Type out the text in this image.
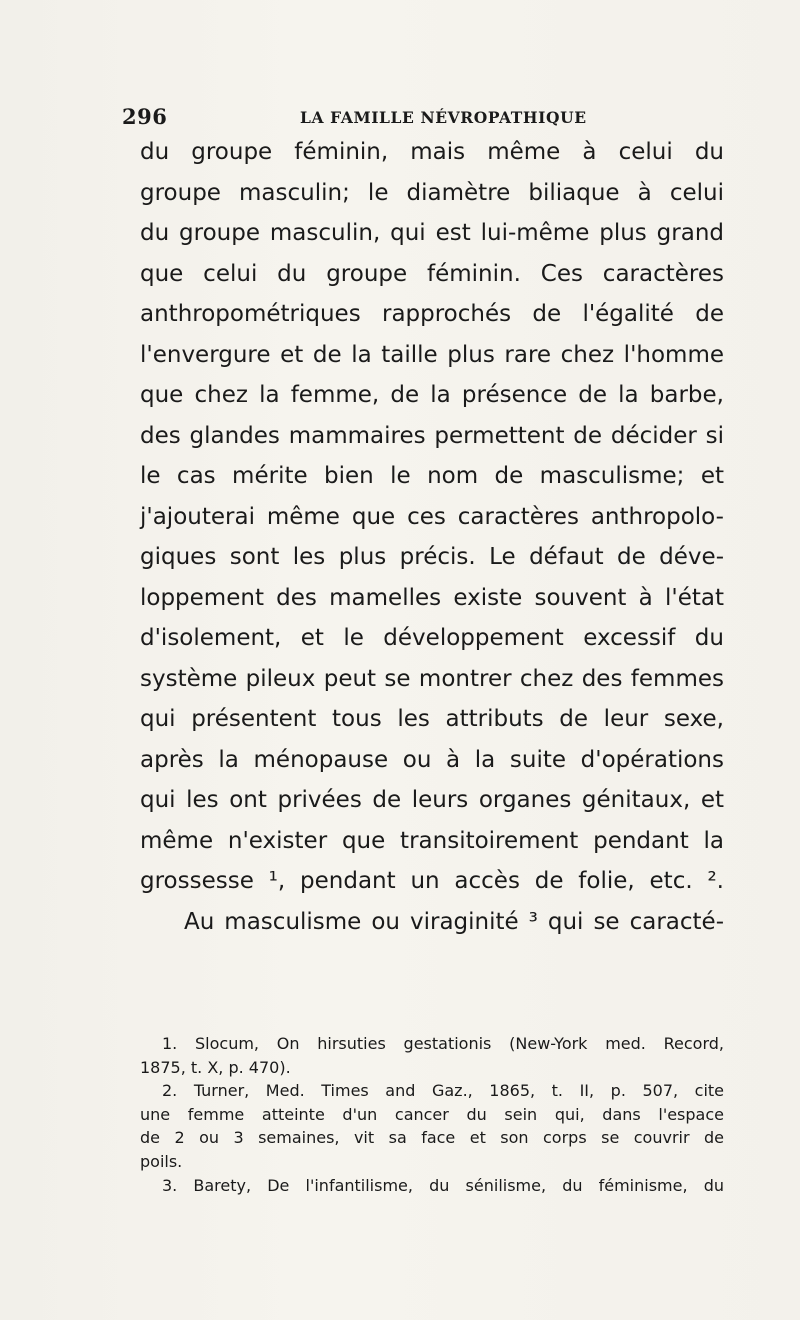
296	LA FAMILLE NÉVROPATHIQUE
du groupe féminin, mais même à celui du
groupe masculin; le diamètre biliaque à celui
du groupe masculin, qui est lui-même plus grand
que celui du groupe féminin. Ces caractères
anthropométriques rapprochés de l'égalité de
l'envergure et de la taille plus rare chez l'homme
que chez la femme, de la présence de la barbe,
des glandes mammaires permettent de décider si
le cas mérite bien le nom de masculisme; et
j'ajouterai même que ces caractères anthropolo-
giques sont les plus précis. Le défaut de déve-
loppement des mamelles existe souvent à l'état
d'isolement, et le développement excessif du
système pileux peut se montrer chez des femmes
qui présentent tous les attributs de leur sexe,
après la ménopause ou à la suite d'opérations
qui les ont privées de leurs organes génitaux, et
même n'exister que transitoirement pendant la
grossesse ¹, pendant un accès de folie, etc. ².
Au masculisme ou viraginité ³ qui se caracté-
1. Slocum, On hirsuties gestationis (New-York med. Record,
1875, t. X, p. 470).
2. Turner, Med. Times and Gaz., 1865, t. II, p. 507, cite
une femme atteinte d'un cancer du sein qui, dans l'espace
de 2 ou 3 semaines, vit sa face et son corps se couvrir de
poils.
3. Barety, De l'infantilisme, du sénilisme, du féminisme, du
